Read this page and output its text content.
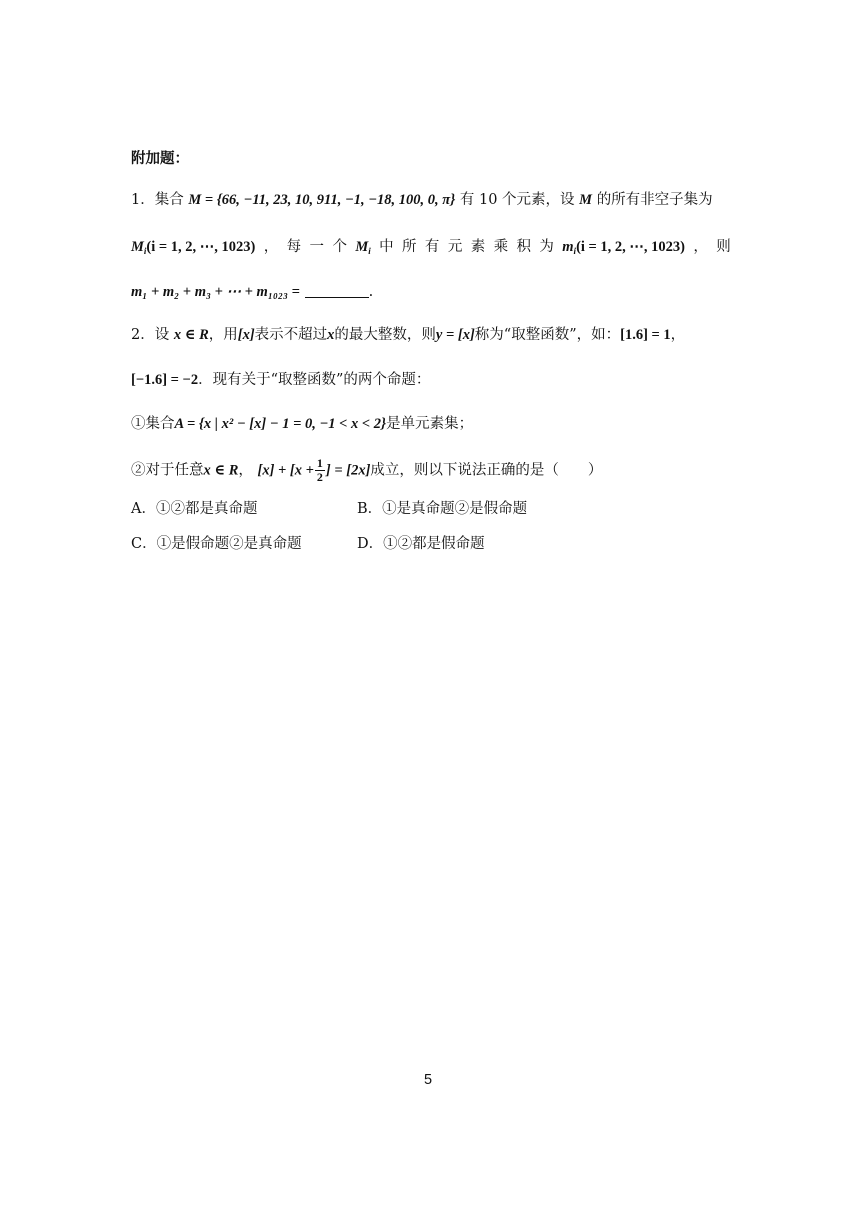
附加题：
1．集合 M = {66, −11, 23, 10, 911, −1, −18, 100, 0, π} 有 10 个元素，设 M 的所有非空子集为
$M_i(i = 1$, 2, ⋯, 1023) ， 每 一 个 $M_i$ 中 所 有 元 素 乘 积 为 $m_i(i = 1$, 2, ⋯, 1023) ， 则
m₁ + m₂ + m₃ + ⋯ + m₁₀₂₃ =	.
2．设 x ∈ R，用[x]表示不超过x的最大整数，则y = [x]称为“取整函数”，如：[1.6] = 1，
[−1.6] = −2．现有关于“取整函数”的两个命题：
①集合A = {x | x² − [x] − 1 = 0, −1 < x < 2}是单元素集；
②对于任意x ∈ R， $[x] + [x + \frac{1}{2}$ ] = [2x]成立，则以下说法正确的是（　　）
A．①②都是真命题	B．①是真命题②是假命题
C．①是假命题②是真命题	D．①②都是假命题
5
